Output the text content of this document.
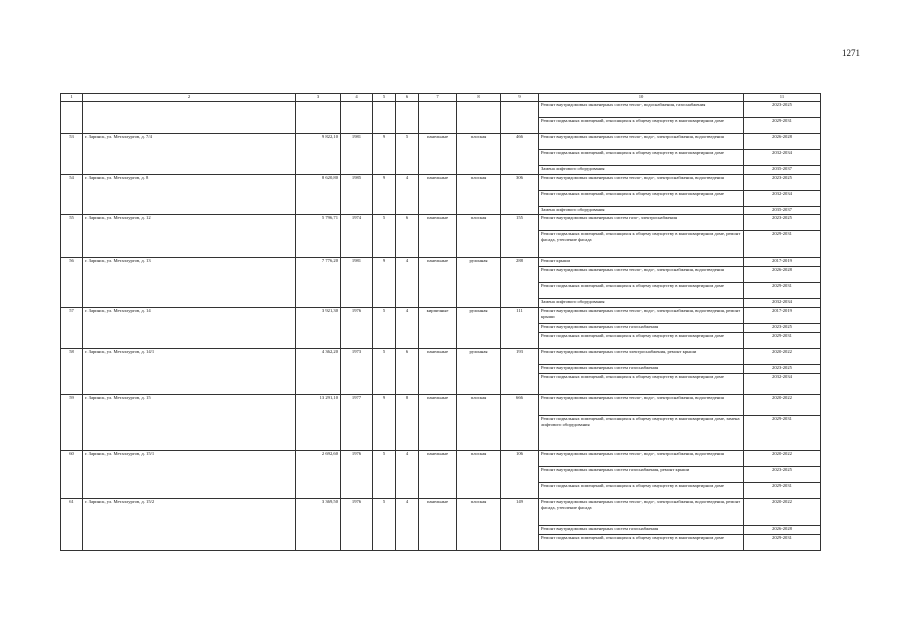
1271
1	2	3	4	5	6	7	8	9	10	11
									Ремонт внутридомовых инженерных систем тепло-, водоснабжения, газоснабжения	2023-2025
									Ремонт подвальных помещений, относящихся к общему имуществу в многоквартирном доме	2029-2031
53	г. Заринск, ул. Металлургов, д. 7/4	9 822,10	1981	9	5	панельные	плоская	466	Ремонт внутридомовых инженерных систем тепло-, водо-, электроснабжения, водоотведения	2026-2028
									Ремонт подвальных помещений, относящихся к общему имуществу в многоквартирном доме	2032-2034
									Замена лифтового оборудования	2035-2037
54	г. Заринск, ул. Металлургов, д. 8	8 620,80	1985	9	4	панельные	плоская	306	Ремонт внутридомовых инженерных систем тепло-, водо-, электроснабжения, водоотведения	2023-2025
									Ремонт подвальных помещений, относящихся к общему имуществу в многоквартирном доме	2032-2034
									Замена лифтового оборудования	2035-2037
55	г. Заринск, ул. Металлургов, д. 12	5 796,71	1974	5	6	панельные	плоская	155	Ремонт внутридомовых инженерных систем газо-, электроснабжения	2023-2025
									Ремонт подвальных помещений, относящихся к общему имуществу в многоквартирном доме, ремонт фасада, утепление фасада	2029-2031
56	г. Заринск, ул. Металлургов, д. 13	7 776,20	1981	9	4	панельные	рулонная	288	Ремонт крыши	2017-2019
									Ремонт внутридомовых инженерных систем тепло-, водо-, электроснабжения, водоотведения	2026-2028
									Ремонт подвальных помещений, относящихся к общему имуществу в многоквартирном доме	2029-2031
									Замена лифтового оборудования	2032-2034
57	г. Заринск, ул. Металлургов, д. 14	3 921,30	1976	5	4	кирпичные	рулонная	111	Ремонт внутридомовых инженерных систем тепло-, водо-, электроснабжения, водоотведения, ремонт крыши	2017-2019
									Ремонт внутридомовых инженерных систем газоснабжения	2023-2025
									Ремонт подвальных помещений, относящихся к общему имуществу в многоквартирном доме	2029-2031
58	г. Заринск, ул. Металлургов, д. 14/1	4 362,20	1973	5	6	панельные	рулонная	193	Ремонт внутридомовых инженерных систем электроснабжения, ремонт крыши	2020-2022
									Ремонт внутридомовых инженерных систем газоснабжения	2023-2025
									Ремонт подвальных помещений, относящихся к общему имуществу в многоквартирном доме	2032-2034
59	г. Заринск, ул. Металлургов, д. 15	13 291,10	1977	9	8	панельные	плоская	666	Ремонт внутридомовых инженерных систем тепло-, водо-, электроснабжения, водоотведения	2020-2022
									Ремонт подвальных помещений, относящихся к общему имуществу в многоквартирном доме, замена лифтового оборудования	2029-2031
60	г. Заринск, ул. Металлургов, д. 15/1	2 692,60	1976	5	4	панельные	плоская	106	Ремонт внутридомовых инженерных систем тепло-, водо-, электроснабжения, водоотведения	2020-2022
									Ремонт внутридомовых инженерных систем газоснабжения, ремонт крыши	2023-2025
									Ремонт подвальных помещений, относящихся к общему имуществу в многоквартирном доме	2029-2031
61	г. Заринск, ул. Металлургов, д. 15/2	3 369,50	1976	5	4	панельные	плоская	149	Ремонт внутридомовых инженерных систем тепло-, водо-, электроснабжения, водоотведения, ремонт фасада, утепление фасада	2020-2022
									Ремонт внутридомовых инженерных систем газоснабжения	2026-2028
									Ремонт подвальных помещений, относящихся к общему имуществу в многоквартирном доме	2029-2031
